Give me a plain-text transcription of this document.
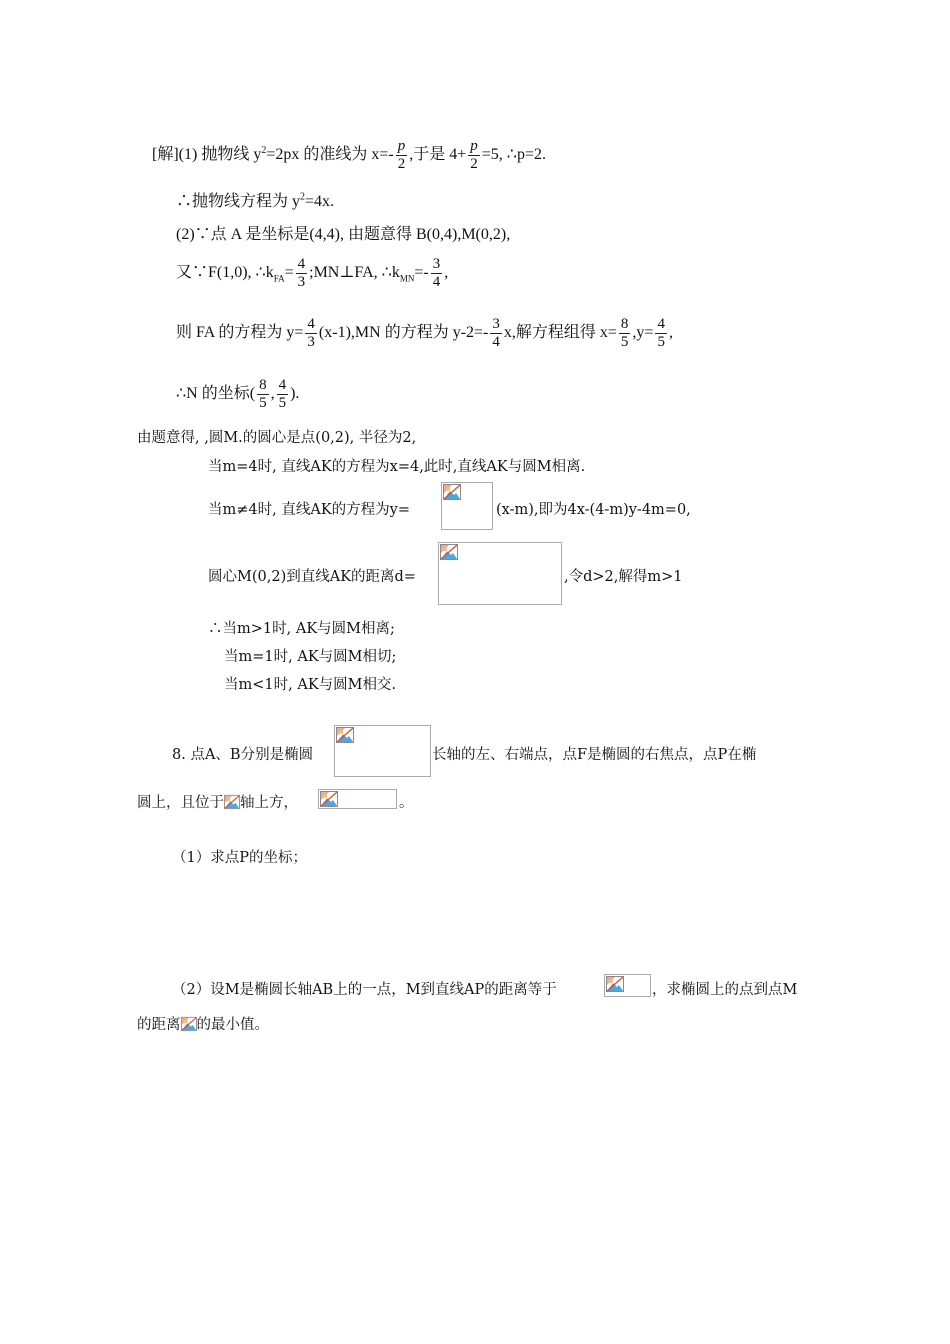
[解](1) 抛物线 $y^2=2px$ 的准线为 $x=- \frac{p}{2}$ ,于是 $4+ \frac{p}{2} =5$, ∴p=2.
∴抛物线方程为 $y^2=4x$.
(2)∵点 A 是坐标是(4,4), 由题意得 B(0,4),M(0,2),
又∵F(1,0), $\therefore k_{FA}= \frac{4}{3}$ ;MN⊥FA, $\therefore k_{MN}=- \frac{3}{4}$ ,
则 FA 的方程为 $y= \frac{4}{3} (x-1),MN$ 的方程为 $y-2=- \frac{3}{4} x$,解方程组得 $x= \frac{8}{5} ,y= \frac{4}{5}$ ,
∴N 的坐标( $\frac{8}{5}$ , $\frac{4}{5}$ ).
由题意得, ,圆M.的圆心是点(0,2), 半径为2,
当m=4时, 直线AK的方程为x=4,此时,直线AK与圆M相离.
当m≠4时, 直线AK的方程为y=	(x-m),即为4x-(4-m)y-4m=0,
圆心M(0,2)到直线AK的距离d=	,令d>2,解得m>1
∴当m>1时, AK与圆M相离;
当m=1时, AK与圆M相切;
当m<1时, AK与圆M相交.
8. 点A、B分别是椭圆	长轴的左、右端点，点F是椭圆的右焦点，点P在椭
圆上，且位于 轴上方，	。
（1）求点P的坐标；
（2）设M是椭圆长轴AB上的一点，M到直线AP的距离等于	，求椭圆上的点到点M
的距离 的最小值。
